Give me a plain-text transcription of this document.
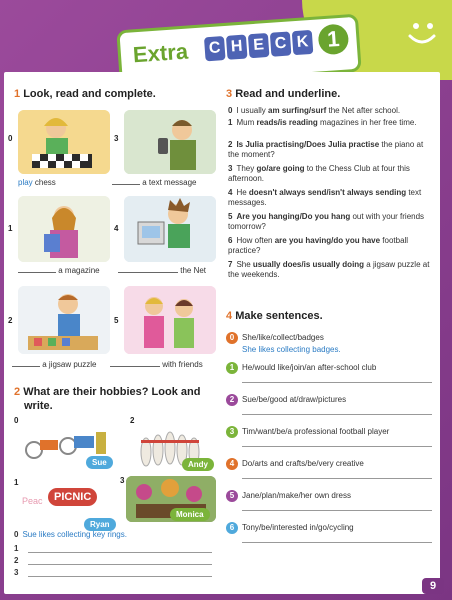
Extra C H E C K 1
1 Look, read and complete.
0	3
play chess	a text message
1	4
a magazine	the Net
2	5
a jigsaw puzzle	with friends
2 What are their hobbies? Look and
write.
0
Sue
2
Andy
1
Peac	PICNIC
Ryan
3
Monica
0 Sue likes collecting key rings.
1
2
3
3 Read and underline.
0 I usually am surfing/surf the Net after school.
1 Mum reads/is reading magazines in her free time.
2 Is Julia practising/Does Julia practise the piano at the moment?
3 They go/are going to the Chess Club at four this afternoon.
4 He doesn't always send/isn't always sending text messages.
5 Are you hanging/Do you hang out with your friends tomorrow?
6 How often are you having/do you have football practice?
7 She usually does/is usually doing a jigsaw puzzle at the weekends.
4 Make sentences.
0 She/like/collect/badges
She likes collecting badges.
1 He/would like/join/an after-school club
2 Sue/be/good at/draw/pictures
3 Tim/want/be/a professional football player
4 Do/arts and crafts/be/very creative
5 Jane/plan/make/her own dress
6 Tony/be/interested in/go/cycling
9
